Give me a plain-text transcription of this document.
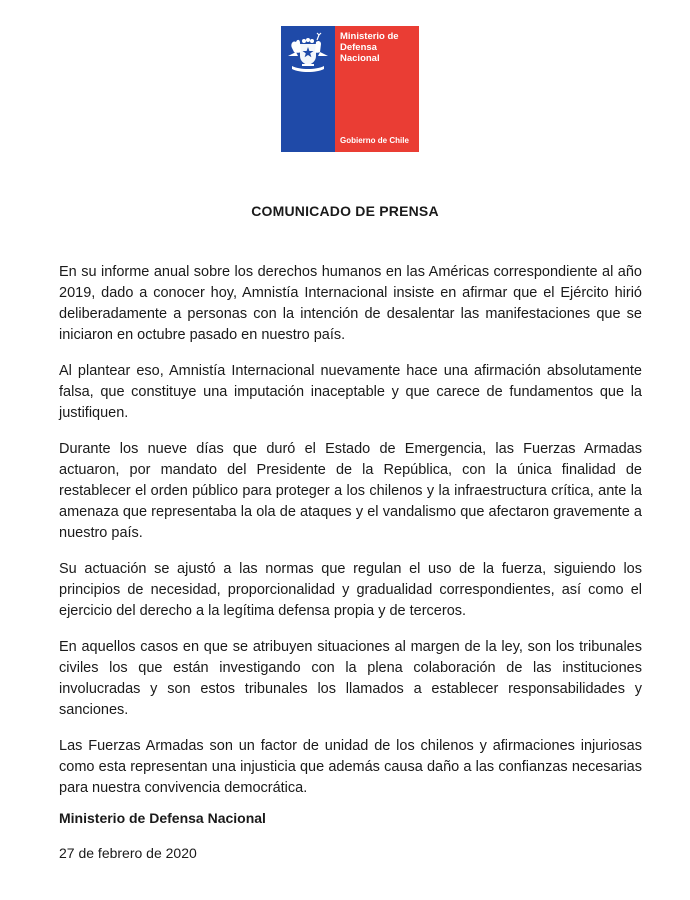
Ministerio de
Defensa
Nacional
Gobierno de Chile
COMUNICADO DE PRENSA

En su informe anual sobre los derechos humanos en las Américas correspondiente al año 2019, dado a conocer hoy, Amnistía Internacional insiste en afirmar que el Ejército hirió deliberadamente a personas con la intención de desalentar las manifestaciones que se iniciaron en octubre pasado en nuestro país.

Al plantear eso, Amnistía Internacional nuevamente hace una afirmación absolutamente falsa, que constituye una imputación inaceptable y que carece de fundamentos que la justifiquen.

Durante los nueve días que duró el Estado de Emergencia, las Fuerzas Armadas actuaron, por mandato del Presidente de la República, con la única finalidad de restablecer el orden público para proteger a los chilenos y la infraestructura crítica, ante la amenaza que representaba la ola de ataques y el vandalismo que afectaron gravemente a nuestro país.

Su actuación se ajustó a las normas que regulan el uso de la fuerza, siguiendo los principios de necesidad, proporcionalidad y gradualidad correspondientes, así como el ejercicio del derecho a la legítima defensa propia y de terceros.

En aquellos casos en que se atribuyen situaciones al margen de la ley, son los tribunales civiles los que están investigando con la plena colaboración de las instituciones involucradas y son estos tribunales los llamados a establecer responsabilidades y sanciones.

Las Fuerzas Armadas son un factor de unidad de los chilenos y afirmaciones injuriosas como esta representan una injusticia que además causa daño a las confianzas necesarias para nuestra convivencia democrática.

Ministerio de Defensa Nacional
27 de febrero de 2020
